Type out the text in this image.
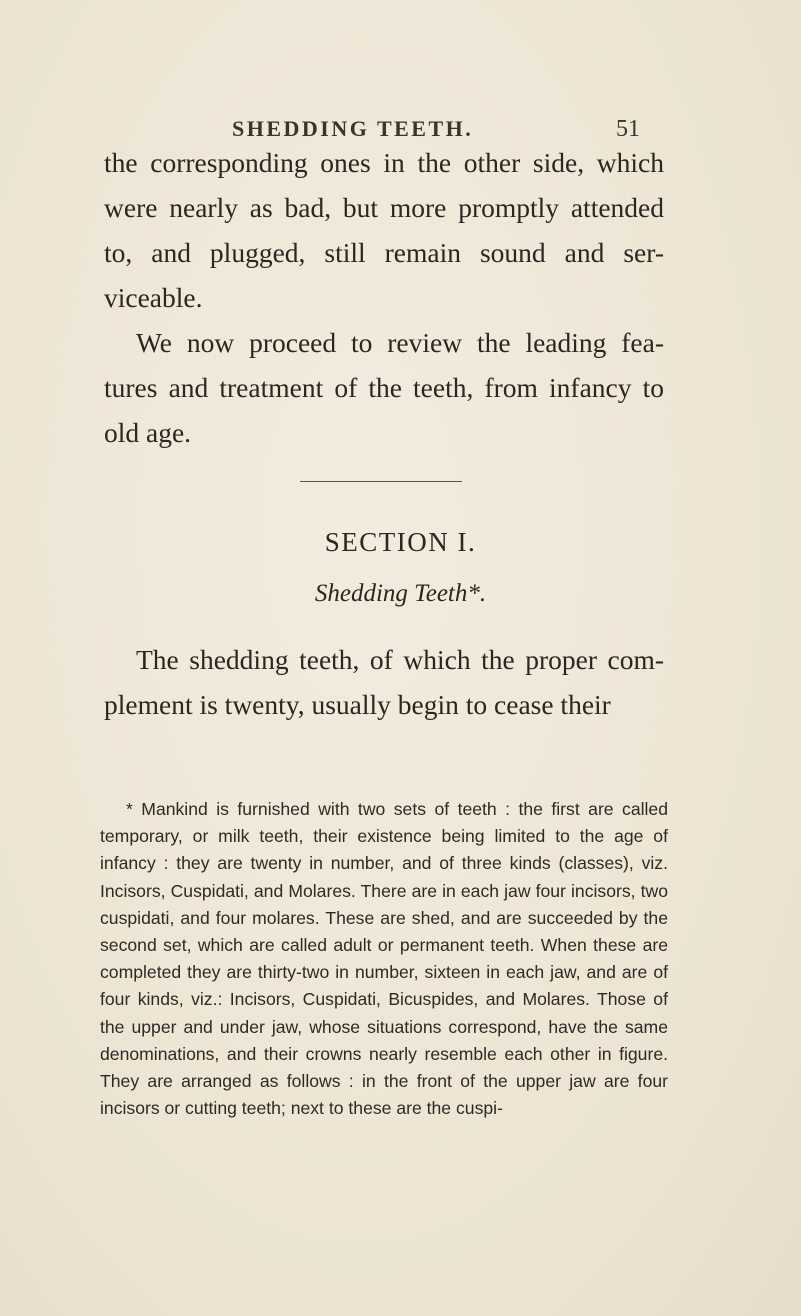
SHEDDING TEETH.	51

the corresponding ones in the other side, which were nearly as bad, but more promptly attended to, and plugged, still remain sound and ser- viceable.

We now proceed to review the leading fea- tures and treatment of the teeth, from infancy to old age.

SECTION I.
Shedding Teeth*.

The shedding teeth, of which the proper com- plement is twenty, usually begin to cease their

* Mankind is furnished with two sets of teeth : the first are called temporary, or milk teeth, their existence being limited to the age of infancy : they are twenty in number, and of three kinds (classes), viz. Incisors, Cuspidati, and Molares. There are in each jaw four incisors, two cuspidati, and four molares. These are shed, and are succeeded by the second set, which are called adult or permanent teeth. When these are completed they are thirty-two in number, sixteen in each jaw, and are of four kinds, viz.: Incisors, Cuspidati, Bicuspides, and Molares. Those of the upper and under jaw, whose situations correspond, have the same denominations, and their crowns nearly resemble each other in figure. They are arranged as follows : in the front of the upper jaw are four incisors or cutting teeth; next to these are the cuspi-
